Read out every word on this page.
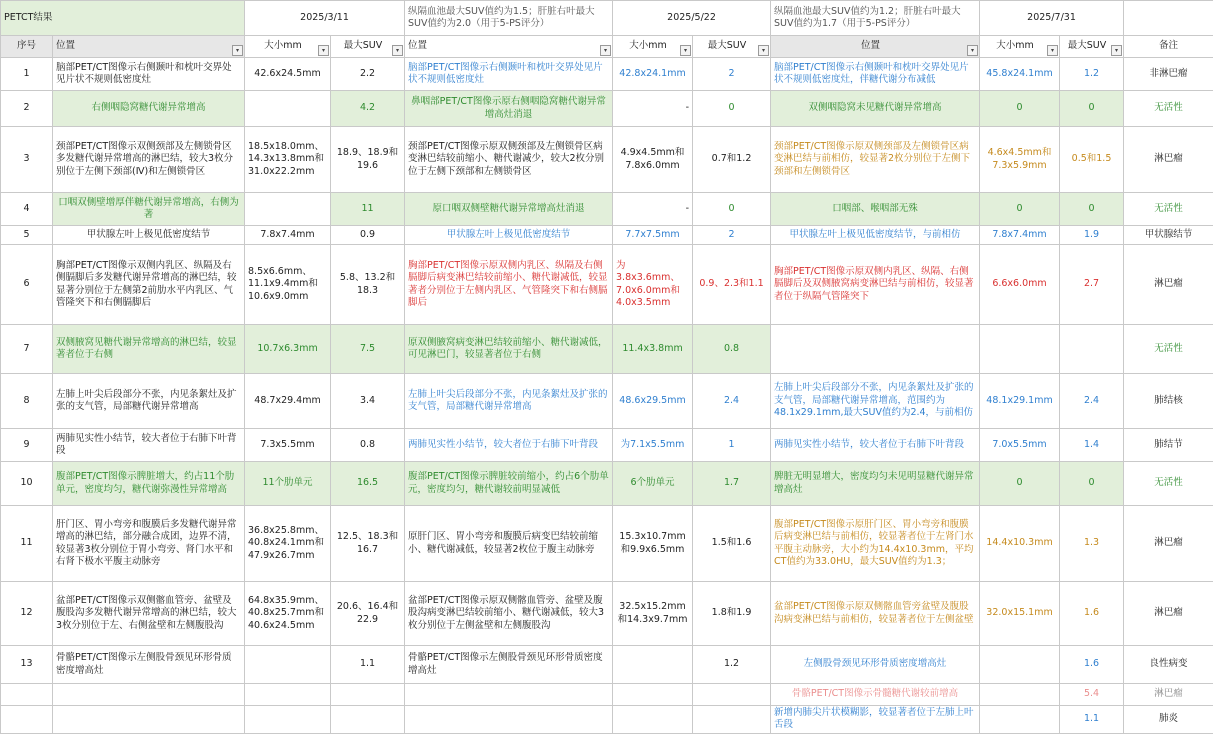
PETCT结果		2025/3/11		纵隔血池最大SUV值约为1.5；肝脏右叶最大SUV值约为2.0（用于5-PS评分）	2025/5/22		纵隔血池最大SUV值约为1.2；肝脏右叶最大SUV值约为1.7（用于5-PS评分）	2025/7/31		
序号	位置 ▾	大小mm ▾	最大SUV ▾	位置 ▾	大小mm ▾	最大SUV ▾	位置 ▾	大小mm ▾	最大SUV ▾	备注
1	脑部PET/CT图像示右侧颞叶和枕叶交界处见片状不规则低密度灶	42.6x24.5mm	2.2	脑部PET/CT图像示右侧颞叶和枕叶交界处见片状不规则低密度灶	42.8x24.1mm	2	脑部PET/CT图像示右侧颞叶和枕叶交界处见片状不规则低密度灶，伴糖代谢分布减低	45.8x24.1mm	1.2	非淋巴瘤
2	右侧咽隐窝糖代谢异常增高		4.2	鼻咽部PET/CT图像示原右侧咽隐窝糖代谢异常增高灶消退	-	0	双侧咽隐窝未见糖代谢异常增高	0	0	无活性
3	颈部PET/CT图像示双侧颈部及左侧锁骨区多发糖代谢异常增高的淋巴结，较大3枚分别位于左侧下颈部(Ⅳ)和左侧锁骨区	18.5x18.0mm、14.3x13.8mm和31.0x22.2mm	18.9、18.9和19.6	颈部PET/CT图像示原双侧颈部及左侧锁骨区病变淋巴结较前缩小、糖代谢减少，较大2枚分别位于左侧下颈部和左侧锁骨区	4.9x4.5mm和7.8x6.0mm	0.7和1.2	颈部PET/CT图像示原双侧颈部及左侧锁骨区病变淋巴结与前相仿，较显著2枚分别位于左侧下颈部和左侧锁骨区	4.6x4.5mm和7.3x5.9mm	0.5和1.5	淋巴瘤
4	口咽双侧壁增厚伴糖代谢异常增高，右侧为著		11	原口咽双侧壁糖代谢异常增高灶消退	-	0	口咽部、喉咽部无殊	0	0	无活性
5	甲状腺左叶上极见低密度结节	7.8x7.4mm	0.9	甲状腺左叶上极见低密度结节	7.7x7.5mm	2	甲状腺左叶上极见低密度结节，与前相仿	7.8x7.4mm	1.9	甲状腺结节
6	胸部PET/CT图像示双侧内乳区、纵隔及右侧膈脚后多发糖代谢异常增高的淋巴结，较显著分别位于左侧第2前肋水平内乳区、气管隆突下和右侧膈脚后	8.5x6.6mm、11.1x9.4mm和10.6x9.0mm	5.8、13.2和18.3	胸部PET/CT图像示原双侧内乳区、纵隔及右侧膈脚后病变淋巴结较前缩小、糖代谢减低，较显著者分别位于左侧内乳区、气管隆突下和右侧膈脚后	为3.8x3.6mm、7.0x6.0mm和4.0x3.5mm	0.9、2.3和1.1	胸部PET/CT图像示原双侧内乳区、纵隔、右侧膈脚后及双侧腋窝病变淋巴结与前相仿，较显著者位于纵隔气管隆突下	6.6x6.0mm	2.7	淋巴瘤
7	双侧腋窝见糖代谢异常增高的淋巴结，较显著者位于右侧	10.7x6.3mm	7.5	原双侧腋窝病变淋巴结较前缩小、糖代谢减低，可见淋巴门，较显著者位于右侧	11.4x3.8mm	0.8				无活性
8	左肺上叶尖后段部分不张，内见条絮灶及扩张的支气管，局部糖代谢异常增高	48.7x29.4mm	3.4	左肺上叶尖后段部分不张，内见条絮灶及扩张的支气管，局部糖代谢异常增高	48.6x29.5mm	2.4	左肺上叶尖后段部分不张，内见条絮灶及扩张的支气管，局部糖代谢异常增高，范围约为48.1x29.1mm,最大SUV值约为2.4，与前相仿	48.1x29.1mm	2.4	肺结核
9	两肺见实性小结节，较大者位于右肺下叶背段	7.3x5.5mm	0.8	两肺见实性小结节，较大者位于右肺下叶背段	为7.1x5.5mm	1	两肺见实性小结节，较大者位于右肺下叶背段	7.0x5.5mm	1.4	肺结节
10	腹部PET/CT图像示脾脏增大，约占11个肋单元，密度均匀，糖代谢弥漫性异常增高	11个肋单元	16.5	腹部PET/CT图像示脾脏较前缩小，约占6个肋单元，密度均匀，糖代谢较前明显减低	6个肋单元	1.7	脾脏无明显增大，密度均匀未见明显糖代谢异常增高灶	0	0	无活性
11	肝门区、胃小弯旁和腹膜后多发糖代谢异常增高的淋巴结，部分融合成团，边界不清，较显著3枚分别位于胃小弯旁、肾门水平和右肾下极水平腹主动脉旁	36.8x25.8mm、40.8x24.1mm和47.9x26.7mm	12.5、18.3和16.7	原肝门区、胃小弯旁和腹膜后病变巴结较前缩小、糖代谢减低，较显著2枚位于腹主动脉旁	15.3x10.7mm和9.9x6.5mm	1.5和1.6	腹部PET/CT图像示原肝门区、胃小弯旁和腹膜后病变淋巴结与前相仿，较显著者位于左肾门水平腹主动脉旁，大小约为14.4x10.3mm，平均CT值约为33.0HU，最大SUV值约为1.3；	14.4x10.3mm	1.3	淋巴瘤
12	盆部PET/CT图像示双侧髂血管旁、盆壁及腹股沟多发糖代谢异常增高的淋巴结，较大3枚分别位于左、右侧盆壁和左侧腹股沟	64.8x35.9mm、40.8x25.7mm和40.6x24.5mm	20.6、16.4和22.9	盆部PET/CT图像示原双侧髂血管旁、盆壁及腹股沟病变淋巴结较前缩小、糖代谢减低，较大3枚分别位于左侧盆壁和左侧腹股沟	32.5x15.2mm和14.3x9.7mm	1.8和1.9	盆部PET/CT图像示原双侧髂血管旁盆壁及腹股沟病变淋巴结与前相仿，较显著者位于左侧盆壁	32.0x15.1mm	1.6	淋巴瘤
13	骨骼PET/CT图像示左侧股骨颈见环形骨质密度增高灶		1.1	骨骼PET/CT图像示左侧股骨颈见环形骨质密度增高灶		1.2	左侧股骨颈见环形骨质密度增高灶		1.6	良性病变
							骨骼PET/CT图像示骨髓糖代谢较前增高		5.4	淋巴瘤
							新增内肺尖片状模糊影，较显著者位于左肺上叶舌段		1.1	肺炎
